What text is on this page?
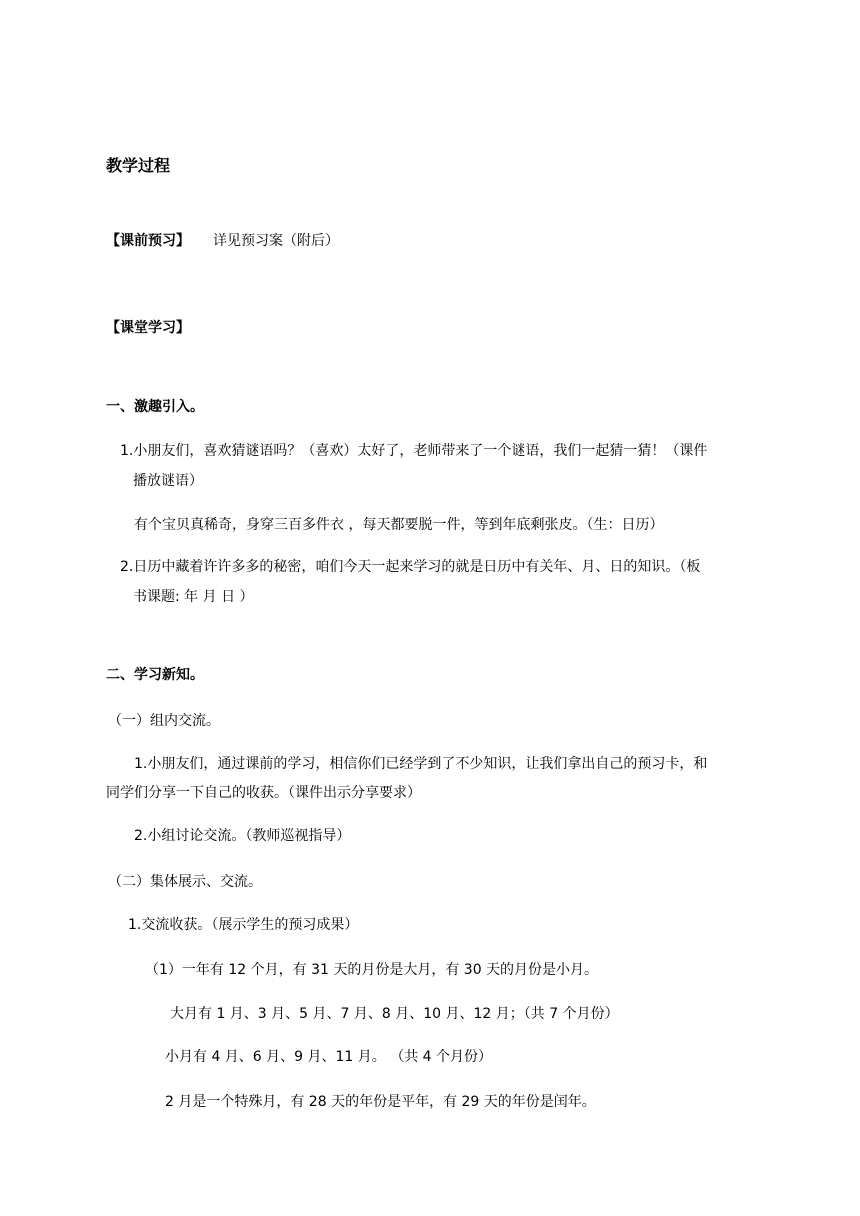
教学过程
【课前预习】 详见预习案（附后）
【课堂学习】
一、激趣引入。
1.小朋友们，喜欢猜谜语吗？（喜欢）太好了，老师带来了一个谜语，我们一起猜一猜！（课件
播放谜语）
有个宝贝真稀奇，身穿三百多件衣 ，每天都要脱一件，等到年底剩张皮。（生：日历）
2.日历中藏着许许多多的秘密，咱们今天一起来学习的就是日历中有关年、月、日的知识。（板
书课题: 年 月 日 ）
二、学习新知。
（一）组内交流。
1.小朋友们，通过课前的学习，相信你们已经学到了不少知识，让我们拿出自己的预习卡，和
同学们分享一下自己的收获。（课件出示分享要求）
2.小组讨论交流。（教师巡视指导）
（二）集体展示、交流。
1.交流收获。（展示学生的预习成果）
（1）一年有 12 个月，有 31 天的月份是大月，有 30 天的月份是小月。
大月有 1 月、3 月、5 月、7 月、8 月、10 月、12 月；（共 7 个月份）
小月有 4 月、6 月、9 月、11 月。 （共 4 个月份）
2 月是一个特殊月，有 28 天的年份是平年，有 29 天的年份是闰年。
